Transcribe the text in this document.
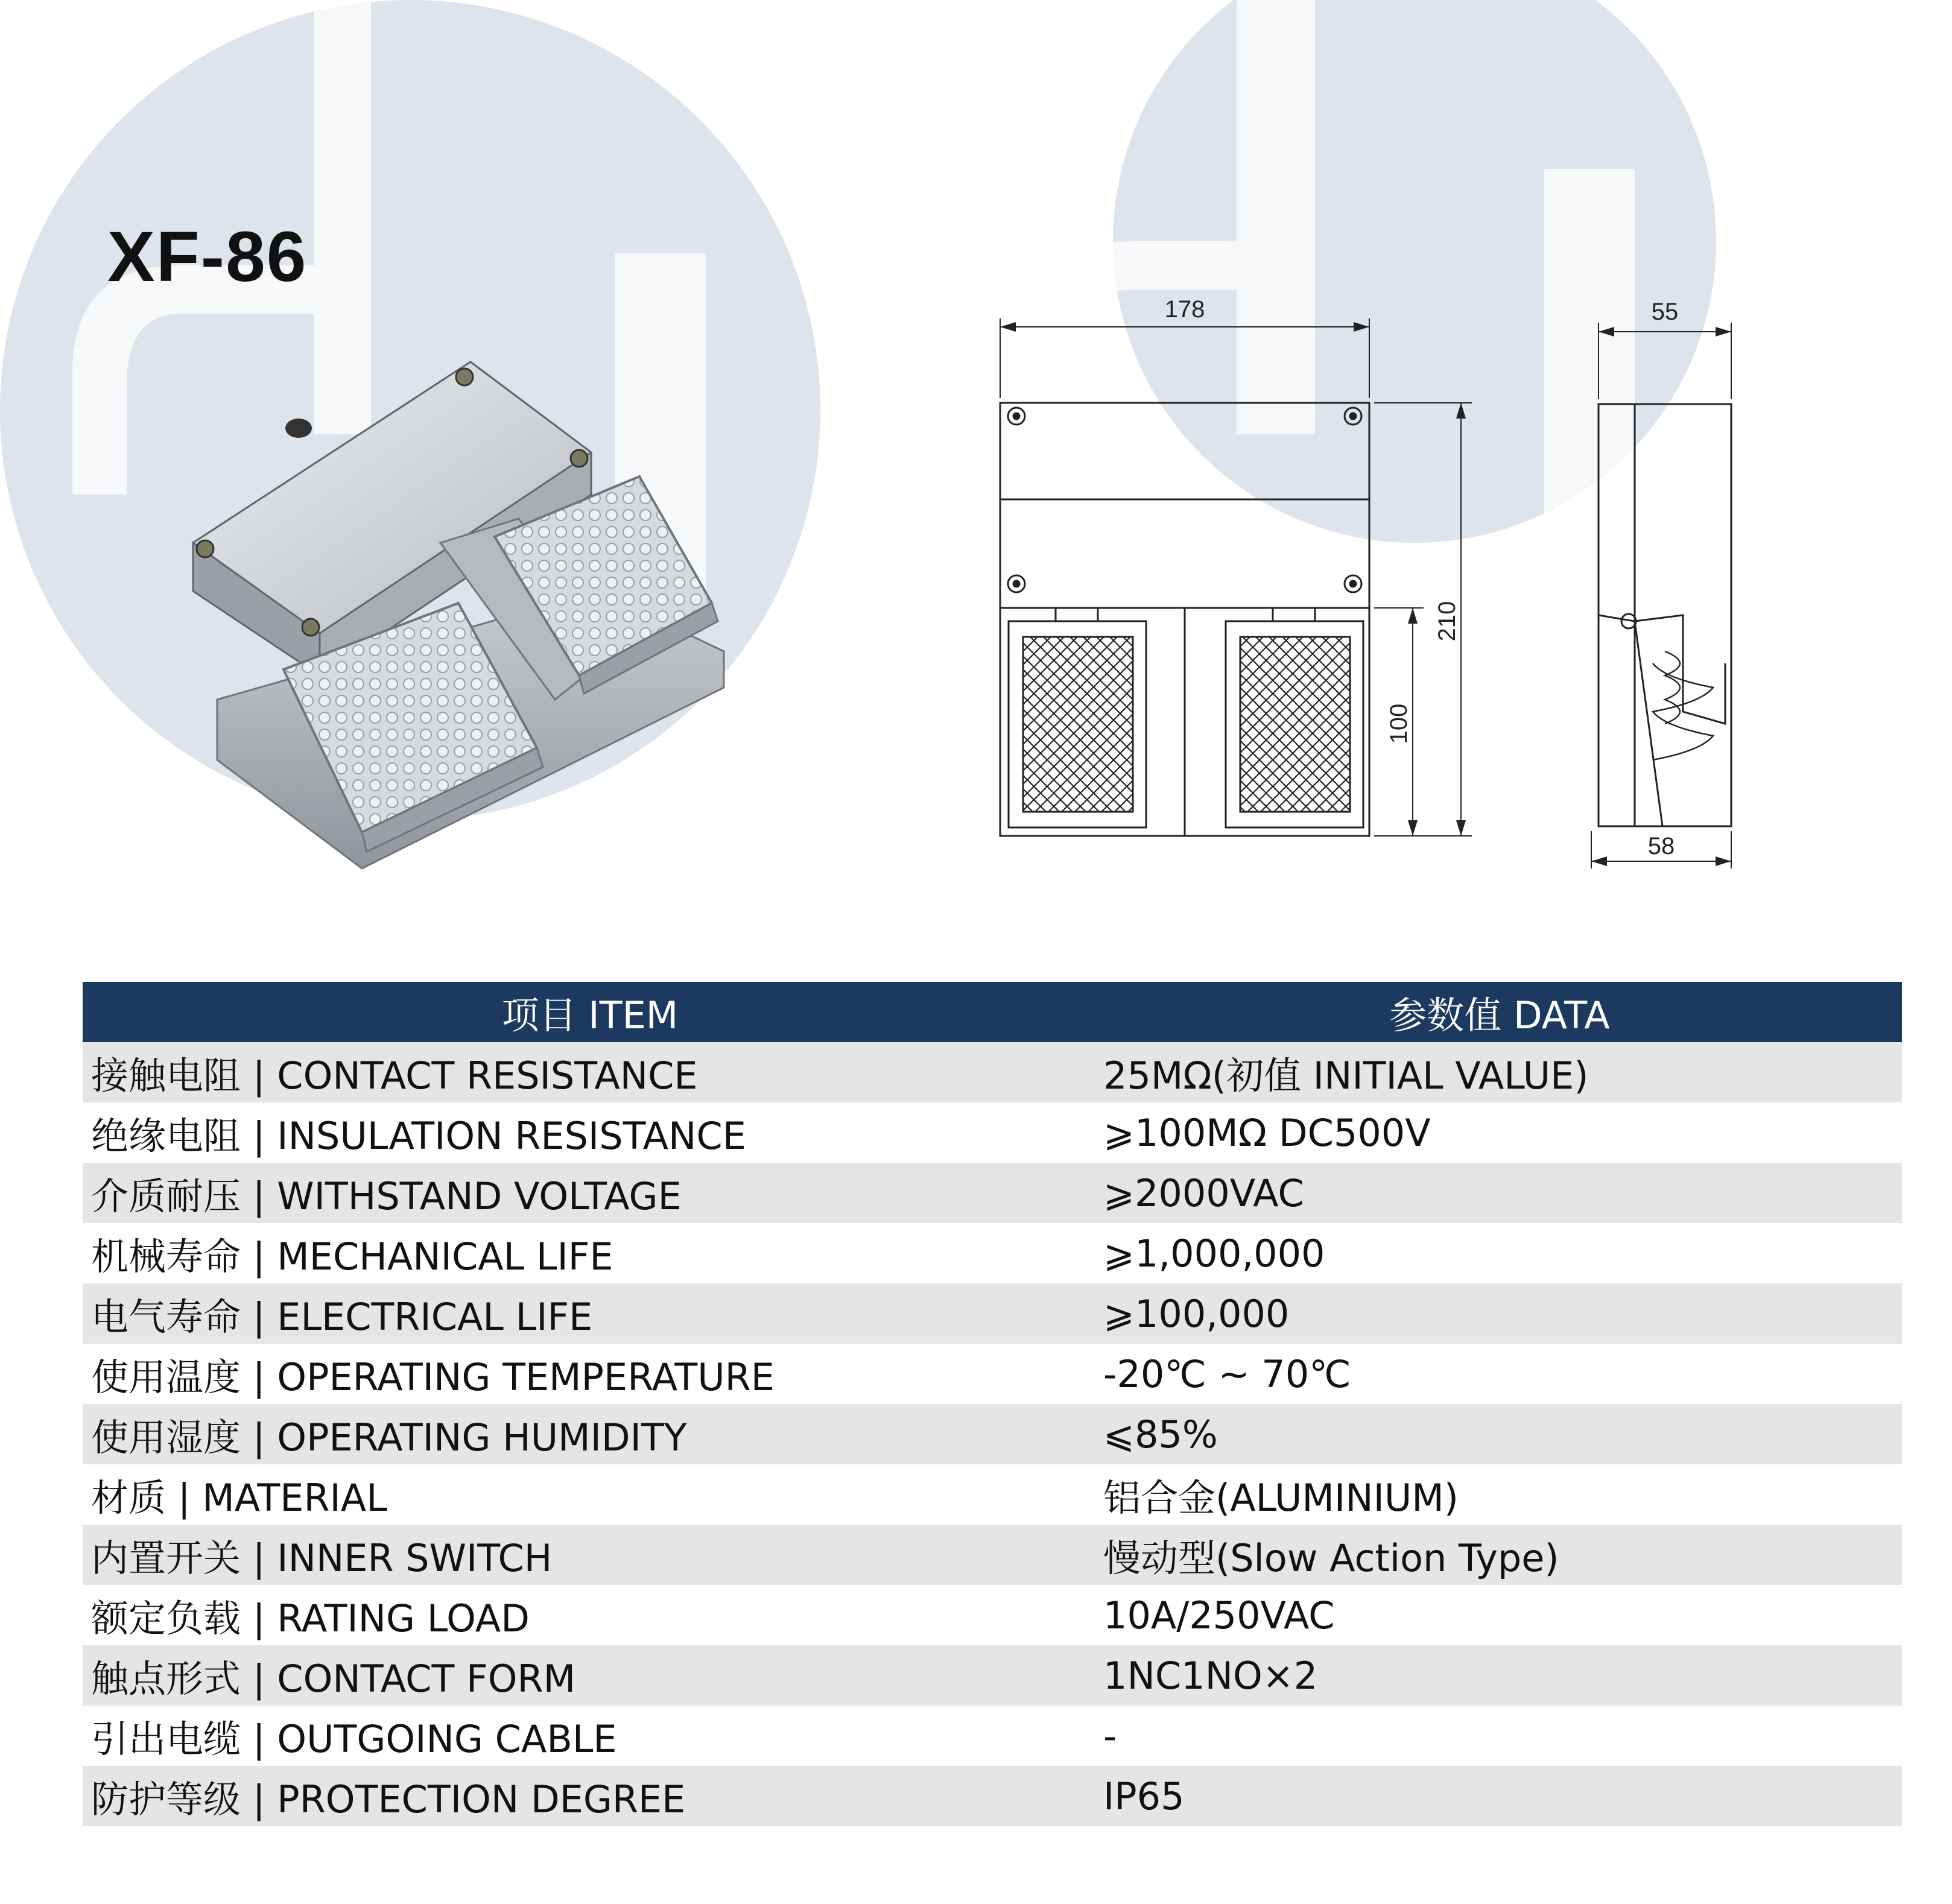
XF-86
178
210
100
55
58
项目 ITEM	参数值 DATA
接触电阻 | CONTACT RESISTANCE	25MΩ(初值 INITIAL VALUE)
绝缘电阻 | INSULATION RESISTANCE	⩾100MΩ DC500V
介质耐压 | WITHSTAND VOLTAGE	⩾2000VAC
机械寿命 | MECHANICAL LIFE	⩾1,000,000
电气寿命 | ELECTRICAL LIFE	⩾100,000
使用温度 | OPERATING TEMPERATURE	-20℃ ~ 70℃
使用湿度 | OPERATING HUMIDITY	⩽85%
材质 | MATERIAL	铝合金(ALUMINIUM)
内置开关 | INNER SWITCH	慢动型(Slow Action Type)
额定负载 | RATING LOAD	10A/250VAC
触点形式 | CONTACT FORM	1NC1NO×2
引出电缆 | OUTGOING CABLE	-
防护等级 | PROTECTION DEGREE	IP65
